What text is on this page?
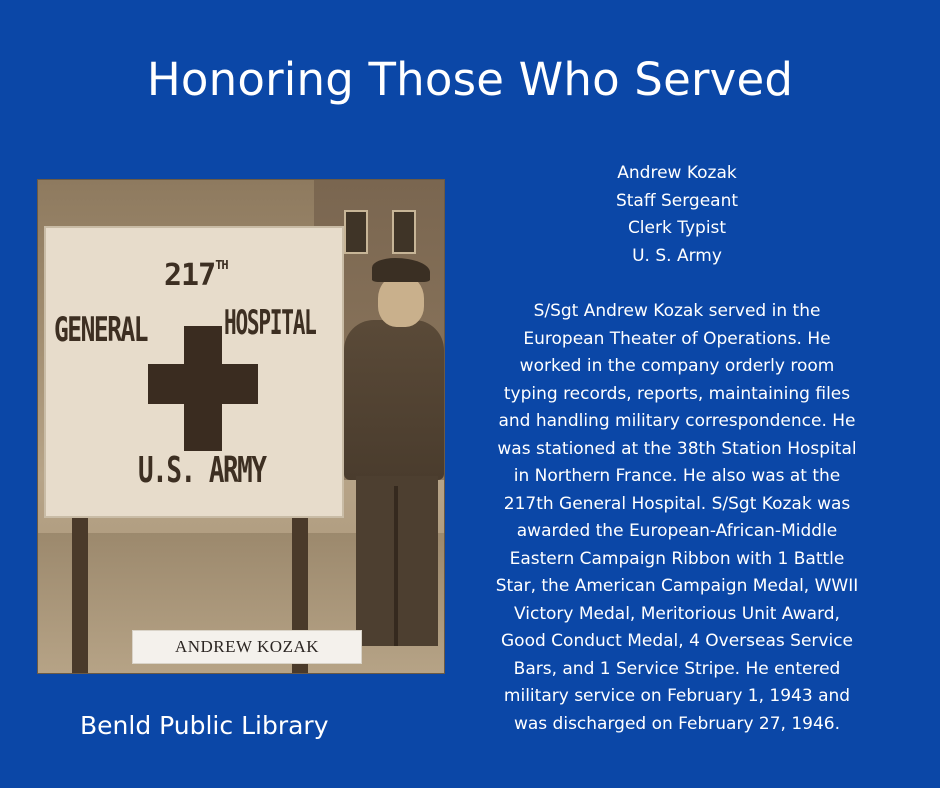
Honoring Those Who Served
217TH
GENERAL HOSPITAL
U.S. ARMY
ANDREW KOZAK
Andrew Kozak
Staff Sergeant
Clerk Typist
U. S. Army
S/Sgt Andrew Kozak served in the
European Theater of Operations. He
worked in the company orderly room
typing records, reports, maintaining files
and handling military correspondence. He
was stationed at the 38th Station Hospital
in Northern France. He also was at the
217th General Hospital. S/Sgt Kozak was
awarded the European-African-Middle
Eastern Campaign Ribbon with 1 Battle
Star, the American Campaign Medal, WWII
Victory Medal, Meritorious Unit Award,
Good Conduct Medal, 4 Overseas Service
Bars, and 1 Service Stripe. He entered
military service on February 1, 1943 and
was discharged on February 27, 1946.
Benld Public Library
